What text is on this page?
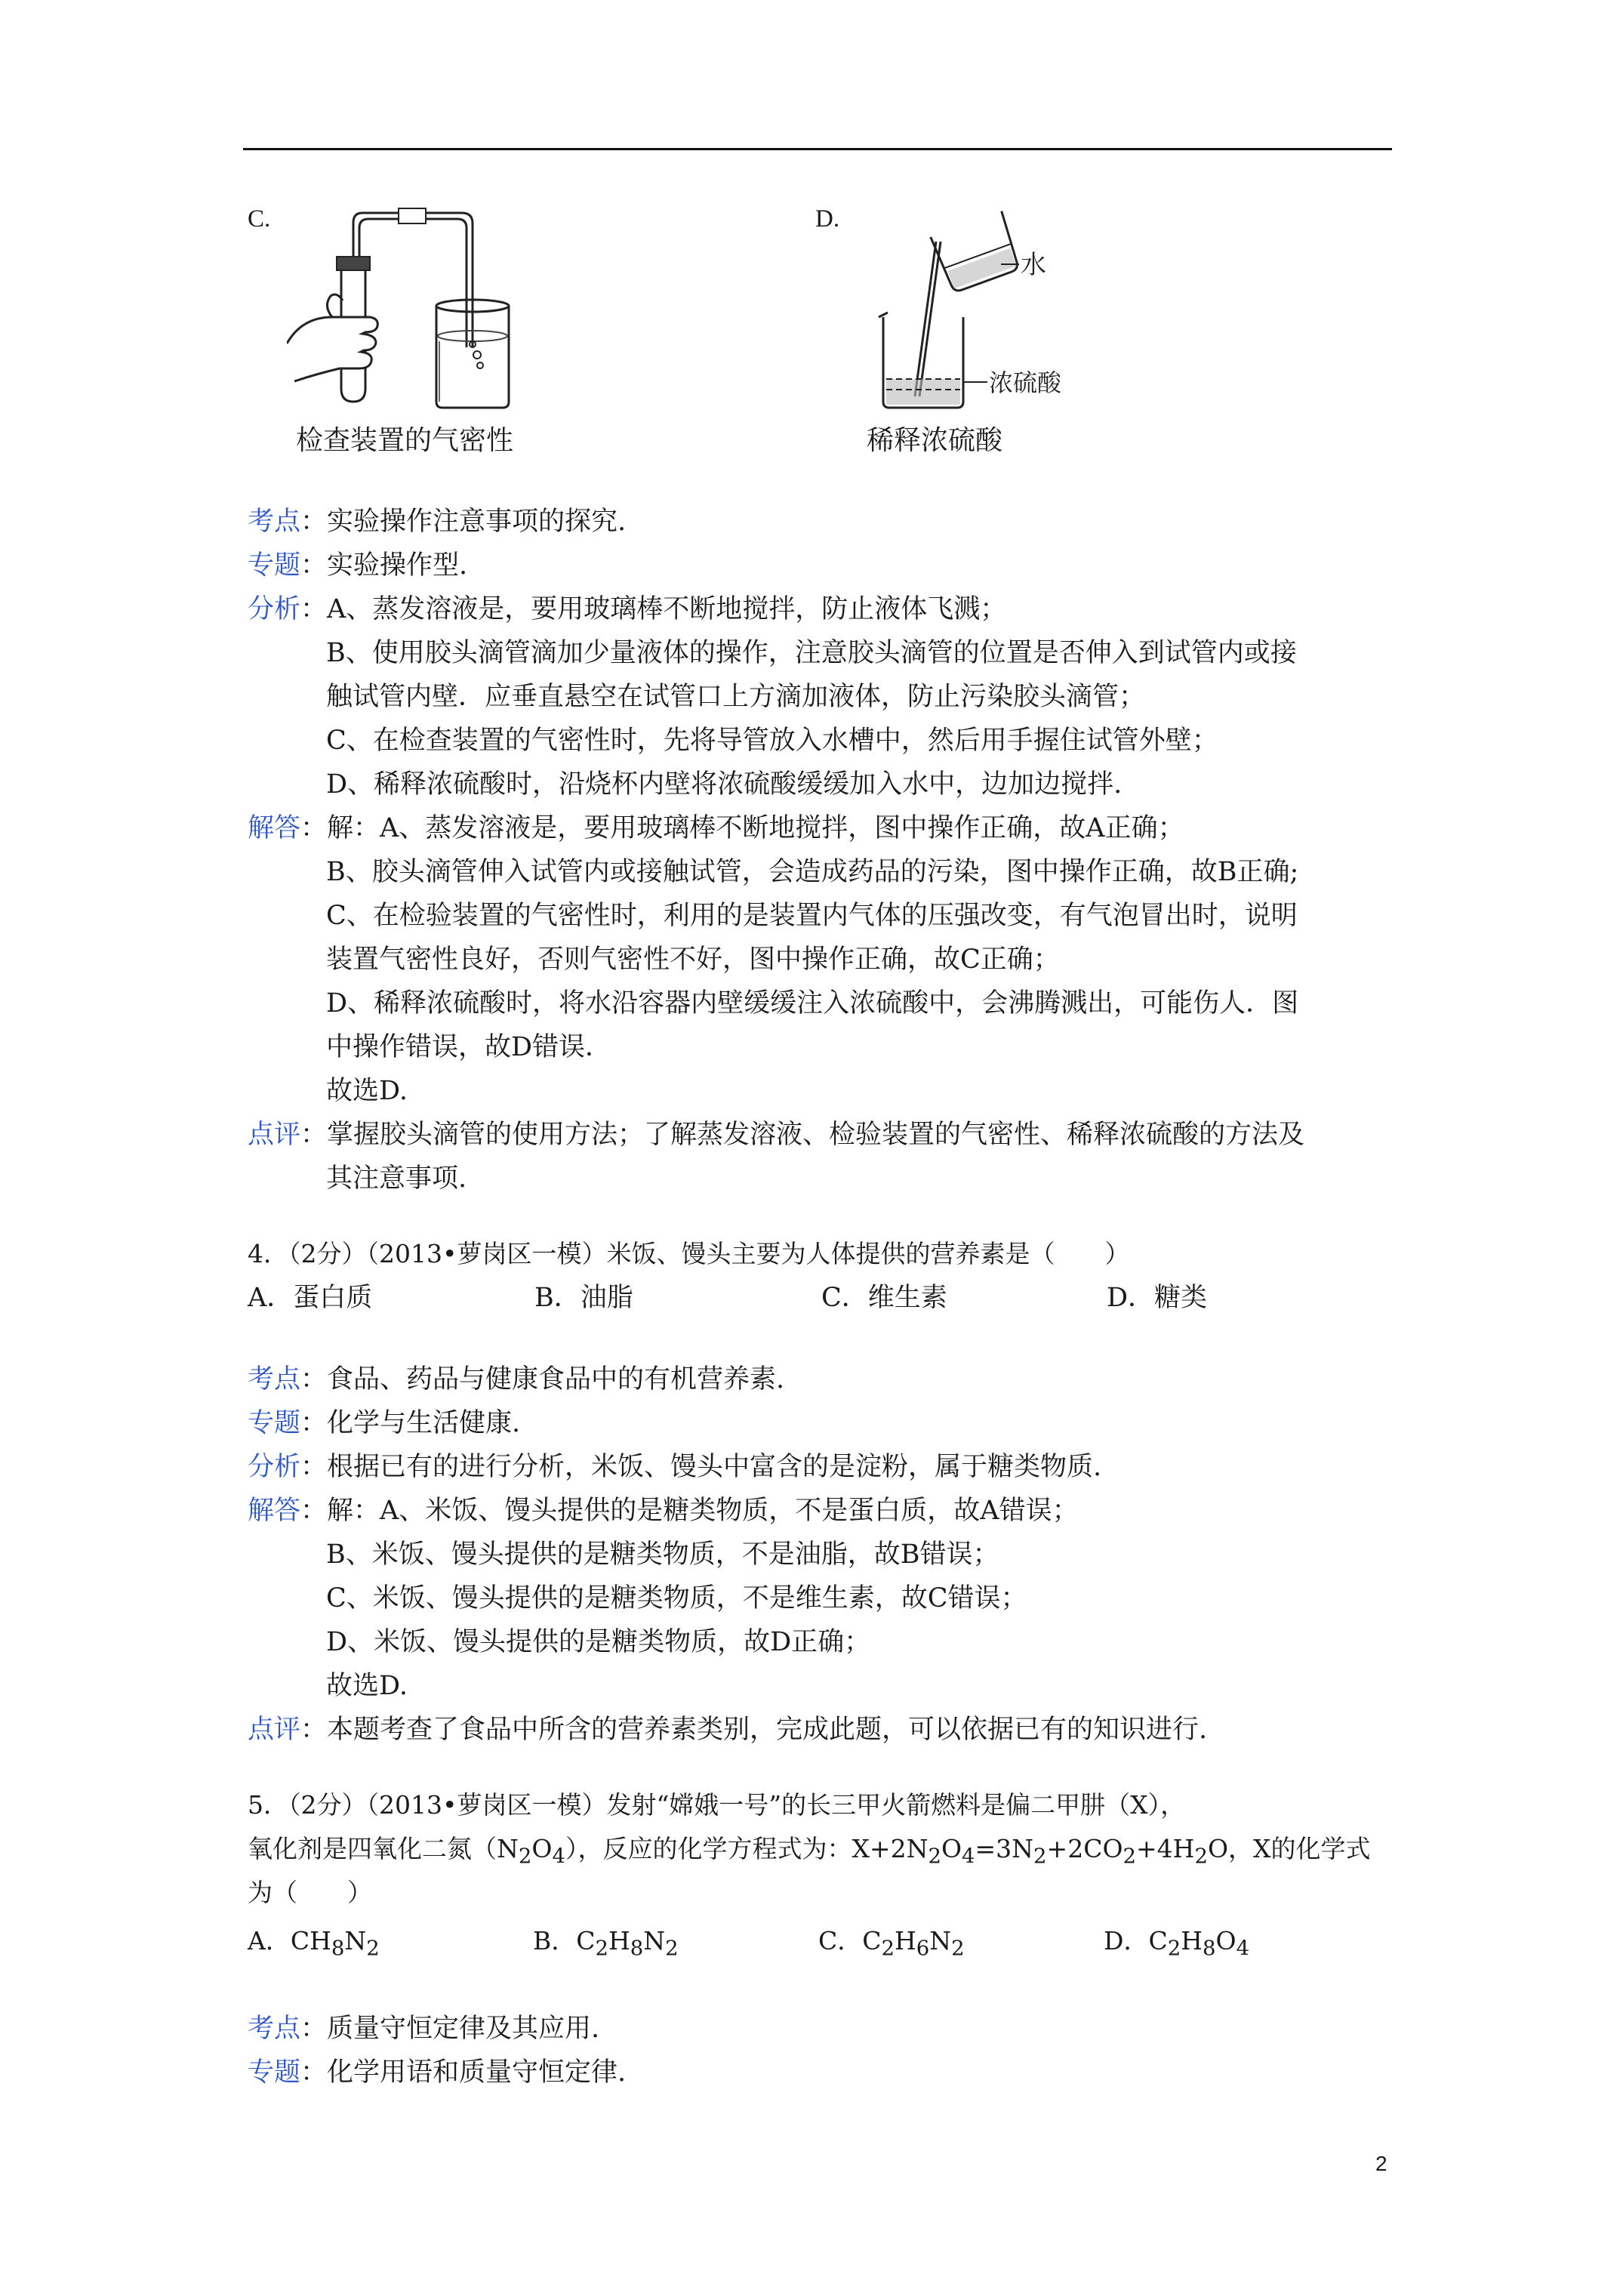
C.
检查装置的气密性
D.
水
浓硫酸
稀释浓硫酸
考点：实验操作注意事项的探究.
专题：实验操作型.
分析：A、蒸发溶液是，要用玻璃棒不断地搅拌，防止液体飞溅；
B、使用胶头滴管滴加少量液体的操作，注意胶头滴管的位置是否伸入到试管内或接
触试管内壁．应垂直悬空在试管口上方滴加液体，防止污染胶头滴管；
C、在检查装置的气密性时，先将导管放入水槽中，然后用手握住试管外壁；
D、稀释浓硫酸时，沿烧杯内壁将浓硫酸缓缓加入水中，边加边搅拌.
解答：解：A、蒸发溶液是，要用玻璃棒不断地搅拌，图中操作正确，故A正确；
B、胶头滴管伸入试管内或接触试管，会造成药品的污染，图中操作正确，故B正确;
C、在检验装置的气密性时，利用的是装置内气体的压强改变，有气泡冒出时，说明
装置气密性良好，否则气密性不好，图中操作正确，故C正确；
D、稀释浓硫酸时，将水沿容器内壁缓缓注入浓硫酸中，会沸腾溅出，可能伤人．图
中操作错误，故D错误．
故选D.
点评：掌握胶头滴管的使用方法；了解蒸发溶液、检验装置的气密性、稀释浓硫酸的方法及
其注意事项.
4．（2分）（2013•萝岗区一模）米饭、馒头主要为人体提供的营养素是（　　）
A．蛋白质	B．油脂	C．维生素	D．糖类
考点：食品、药品与健康食品中的有机营养素.
专题：化学与生活健康.
分析：根据已有的进行分析，米饭、馒头中富含的是淀粉，属于糖类物质.
解答：解：A、米饭、馒头提供的是糖类物质，不是蛋白质，故A错误；
B、米饭、馒头提供的是糖类物质，不是油脂，故B错误；
C、米饭、馒头提供的是糖类物质，不是维生素，故C错误；
D、米饭、馒头提供的是糖类物质，故D正确；
故选D.
点评：本题考查了食品中所含的营养素类别，完成此题，可以依据已有的知识进行.
5．（2分）（2013•萝岗区一模）发射“嫦娥一号”的长三甲火箭燃料是偏二甲肼（X），
氧化剂是四氧化二氮$(N_2O_4)$，反应的化学方程式为：$X+2N_2O_4=3N_2+2CO_2+4H_2O$，X的化学式
为（　　）
A．$CH_8N_2$	B．$C_2H_8N_2$	C．$C_2H_6N_2$	D．$C_2H_8O_4$
考点：质量守恒定律及其应用.
专题：化学用语和质量守恒定律.
2
